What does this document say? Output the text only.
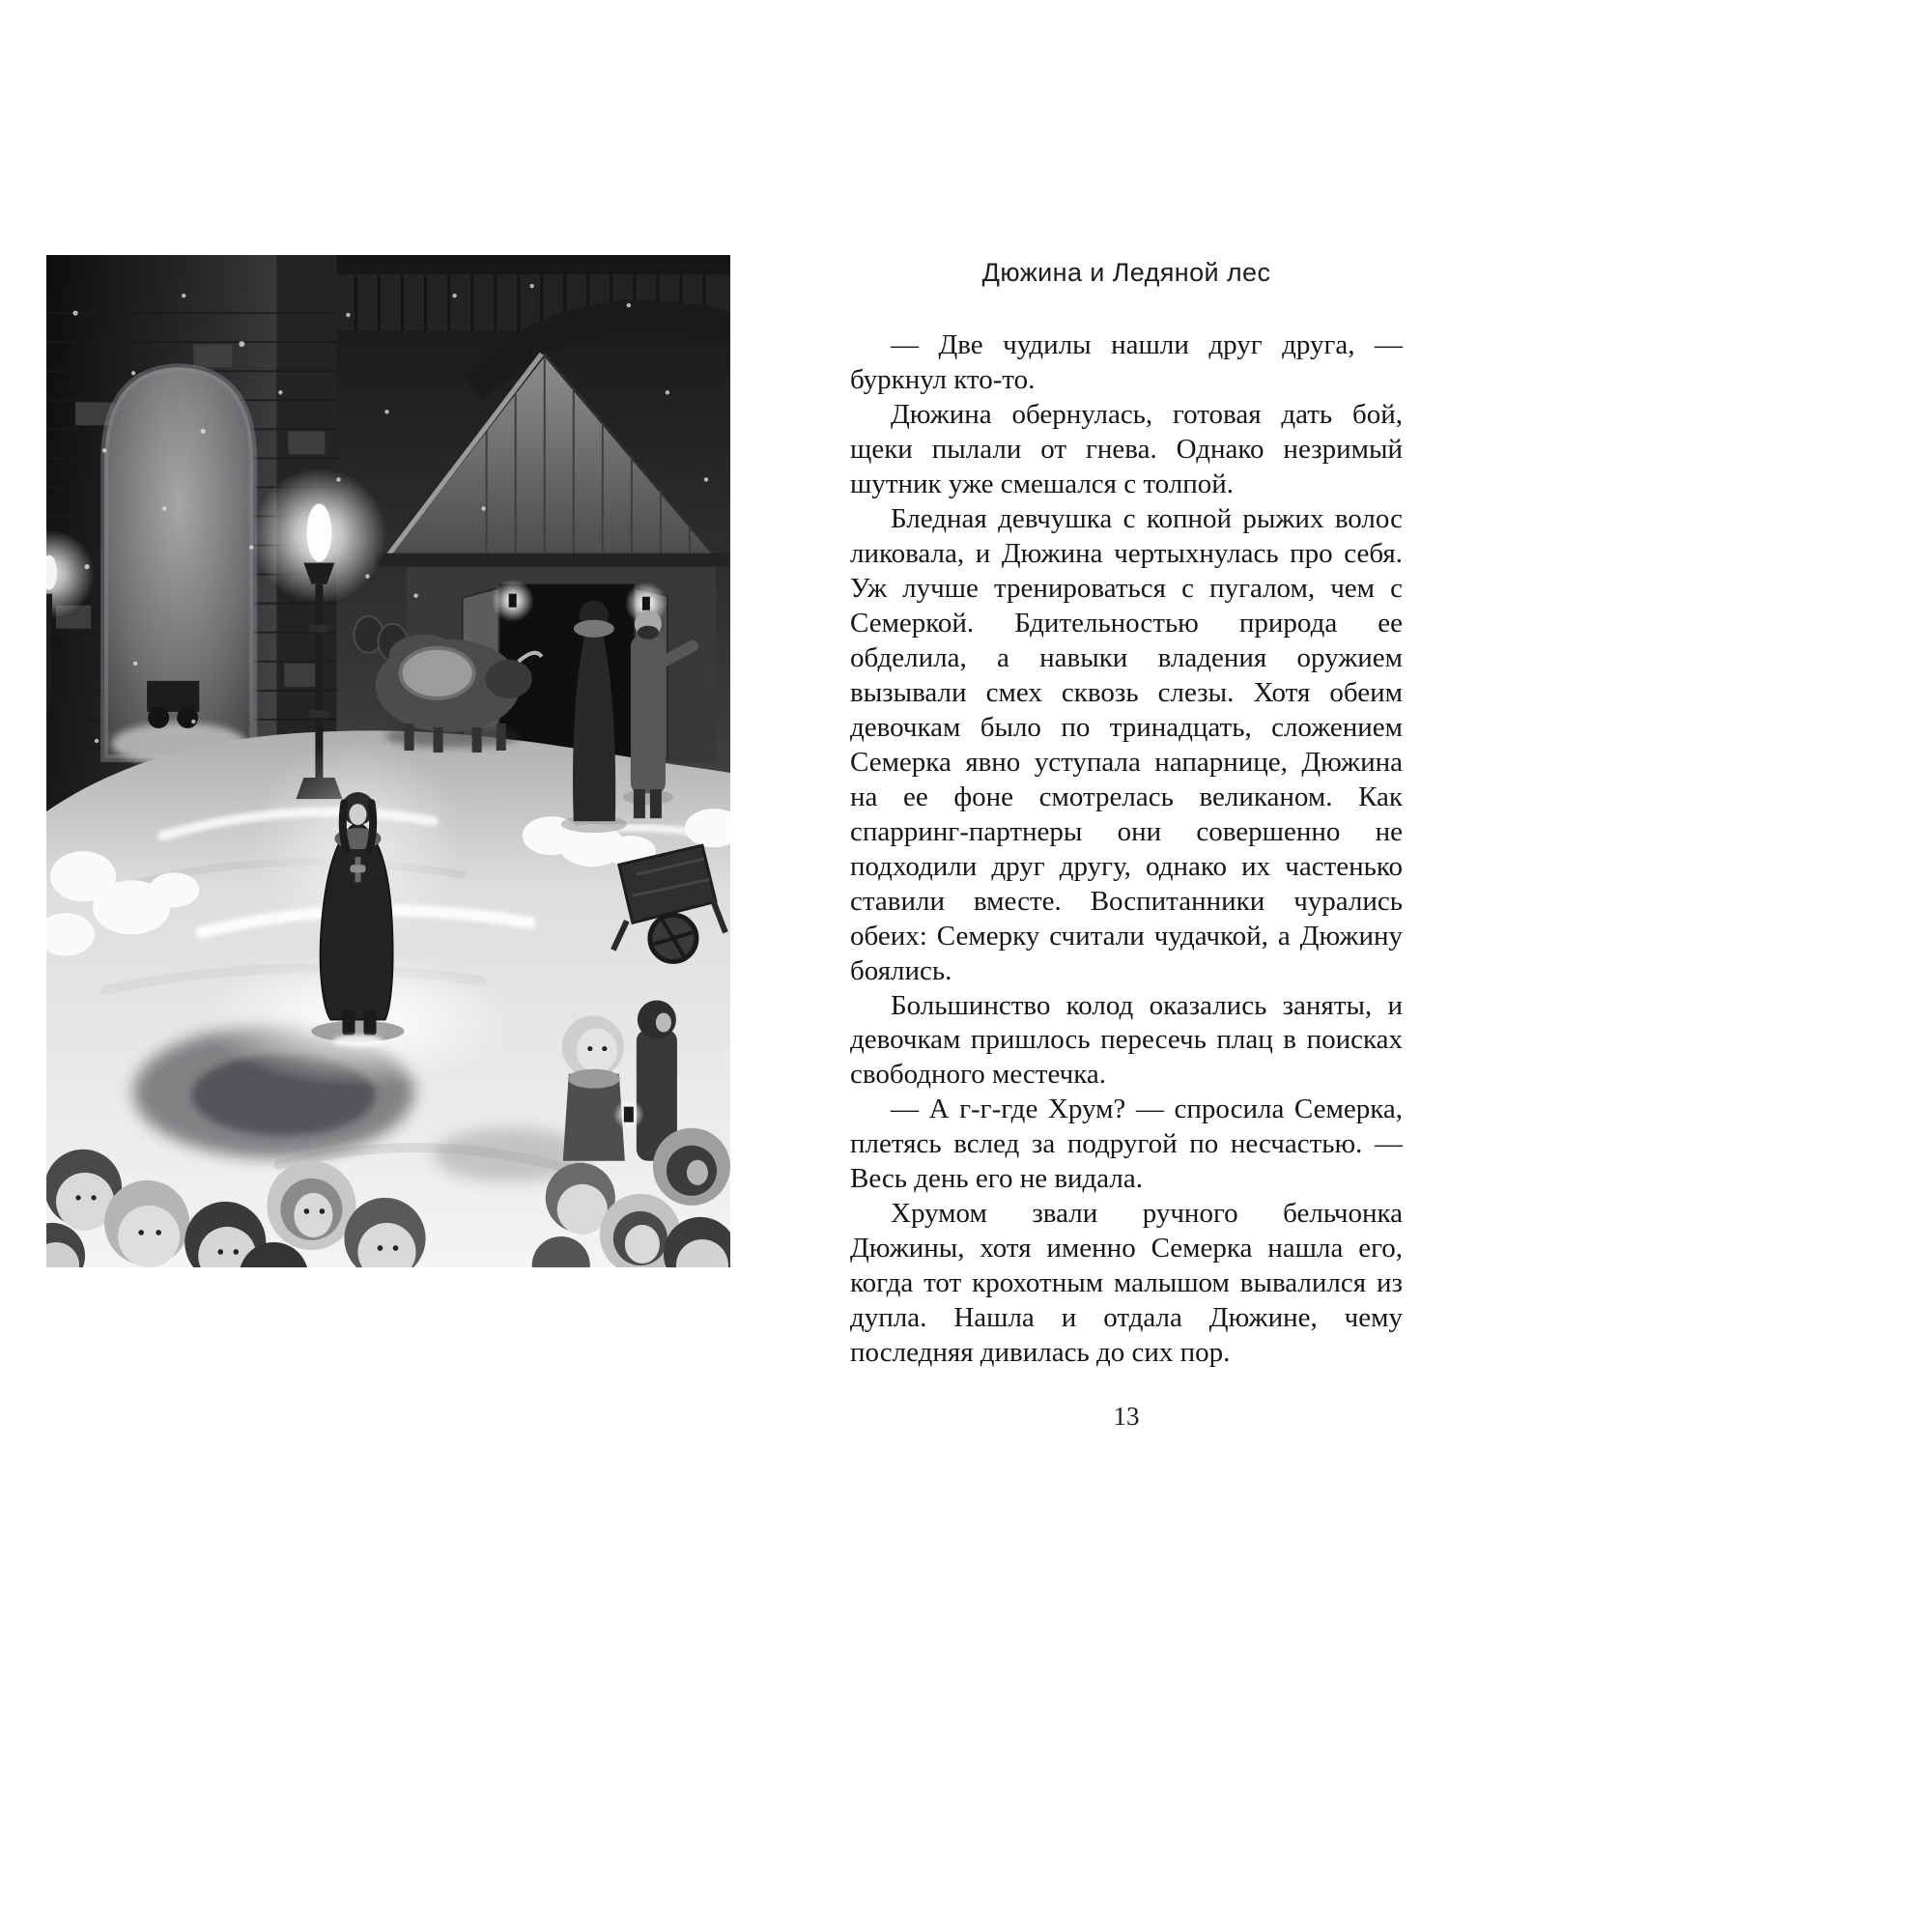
Дюжина и Ледяной лес

— Две чудилы нашли друг друга, — буркнул кто-то.

Дюжина обернулась, готовая дать бой, щеки пылали от гнева. Однако незримый шутник уже смешался с толпой.

Бледная девчушка с копной рыжих волос ликовала, и Дюжина чертыхнулась про себя. Уж лучше тренироваться с пугалом, чем с Семеркой. Бдительностью природа ее обделила, а навыки владения оружием вызывали смех сквозь слезы. Хотя обеим девочкам было по тринадцать, сложением Семерка явно уступала напарнице, Дюжина на ее фоне смотрелась великаном. Как спарринг-партнеры они совершенно не подходили друг другу, однако их частенько ставили вместе. Воспитанники чурались обеих: Семерку считали чудачкой, а Дюжину боялись.

Большинство колод оказались заняты, и девочкам пришлось пересечь плац в поисках свободного местечка.

— А г-г-где Хрум? — спросила Семерка, плетясь вслед за подругой по несчастью. — Весь день его не видала.

Хрумом звали ручного бельчонка Дюжины, хотя именно Семерка нашла его, когда тот крохотным малышом вывалился из дупла. Нашла и отдала Дюжине, чему последняя дивилась до сих пор.

13
